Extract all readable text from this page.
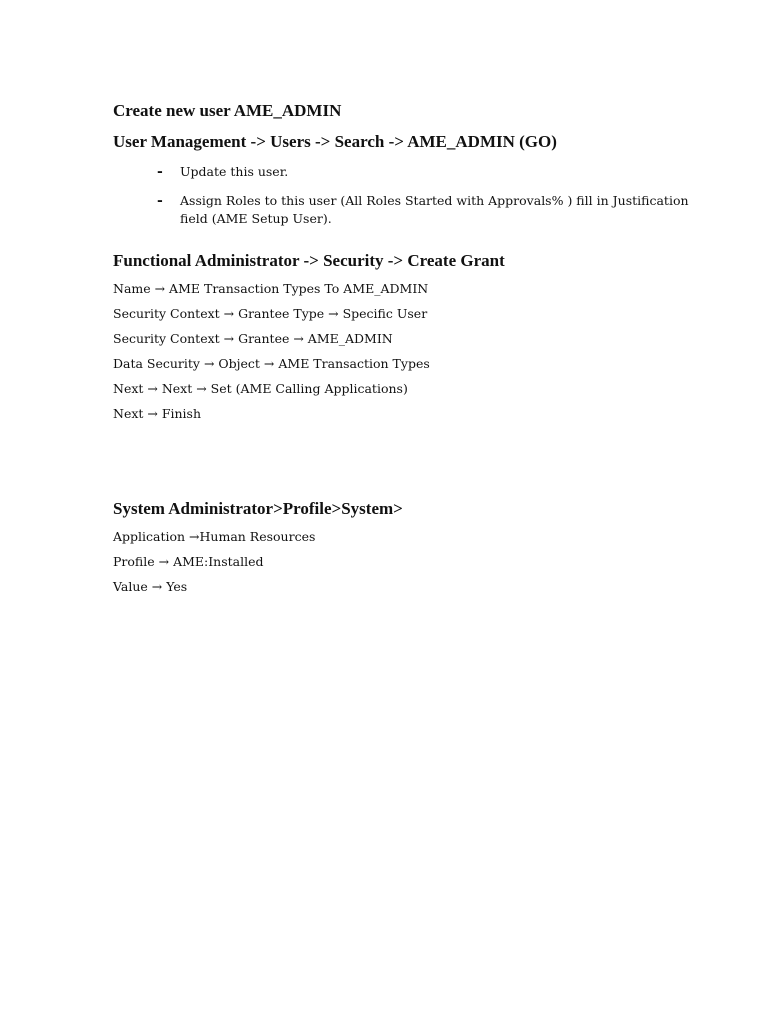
Create new user AME_ADMIN

User Management -> Users -> Search -> AME_ADMIN (GO)

- Update this user.
- Assign Roles to this user (All Roles Started with Approvals% ) fill in Justification field (AME Setup User).

Functional Administrator -> Security -> Create Grant

Name → AME Transaction Types To AME_ADMIN
Security Context → Grantee Type → Specific User
Security Context → Grantee → AME_ADMIN
Data Security → Object → AME Transaction Types
Next → Next → Set (AME Calling Applications)
Next → Finish

System Administrator>Profile>System>

Application →Human Resources
Profile → AME:Installed
Value → Yes
